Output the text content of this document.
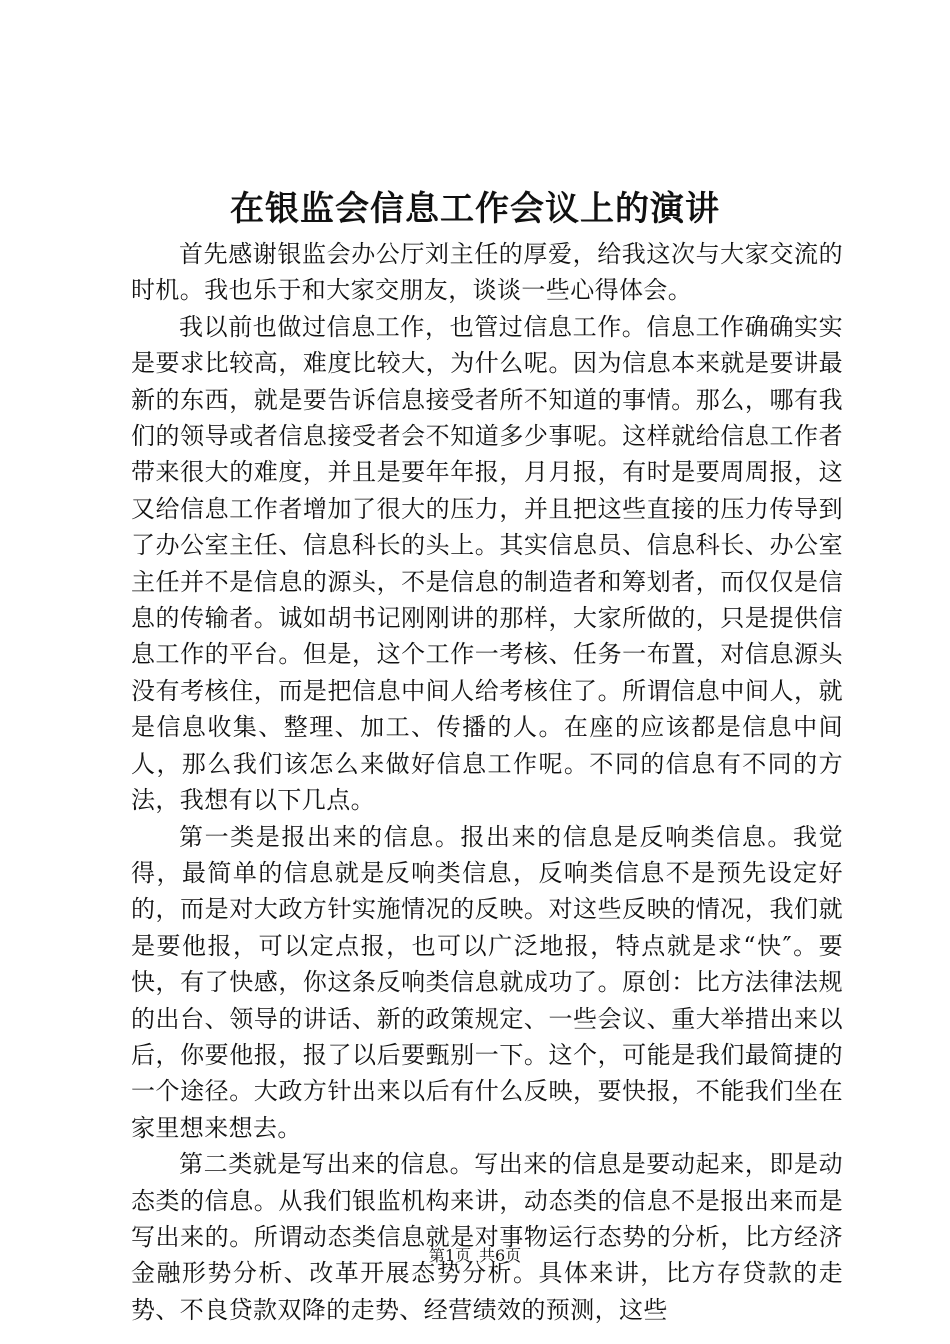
在银监会信息工作会议上的演讲

首先感谢银监会办公厅刘主任的厚爱，给我这次与大家交流的时机。我也乐于和大家交朋友，谈谈一些心得体会。

我以前也做过信息工作，也管过信息工作。信息工作确确实实是要求比较高，难度比较大，为什么呢。因为信息本来就是要讲最新的东西，就是要告诉信息接受者所不知道的事情。那么，哪有我们的领导或者信息接受者会不知道多少事呢。这样就给信息工作者带来很大的难度，并且是要年年报，月月报，有时是要周周报，这又给信息工作者增加了很大的压力，并且把这些直接的压力传导到了办公室主任、信息科长的头上。其实信息员、信息科长、办公室主任并不是信息的源头，不是信息的制造者和筹划者，而仅仅是信息的传输者。诚如胡书记刚刚讲的那样，大家所做的，只是提供信息工作的平台。但是，这个工作一考核、任务一布置，对信息源头没有考核住，而是把信息中间人给考核住了。所谓信息中间人，就是信息收集、整理、加工、传播的人。在座的应该都是信息中间人，那么我们该怎么来做好信息工作呢。不同的信息有不同的方法，我想有以下几点。

第一类是报出来的信息。报出来的信息是反响类信息。我觉得，最简单的信息就是反响类信息，反响类信息不是预先设定好的，而是对大政方针实施情况的反映。对这些反映的情况，我们就是要他报，可以定点报，也可以广泛地报，特点就是求“快″。要快，有了快感，你这条反响类信息就成功了。原创：比方法律法规的出台、领导的讲话、新的政策规定、一些会议、重大举措出来以后，你要他报，报了以后要甄别一下。这个，可能是我们最简捷的一个途径。大政方针出来以后有什么反映，要快报，不能我们坐在家里想来想去。

第二类就是写出来的信息。写出来的信息是要动起来，即是动态类的信息。从我们银监机构来讲，动态类的信息不是报出来而是写出来的。所谓动态类信息就是对事物运行态势的分析，比方经济金融形势分析、改革开展态势分析。具体来讲，比方存贷款的走势、不良贷款双降的走势、经营绩效的预测，这些

第1页 共6页
